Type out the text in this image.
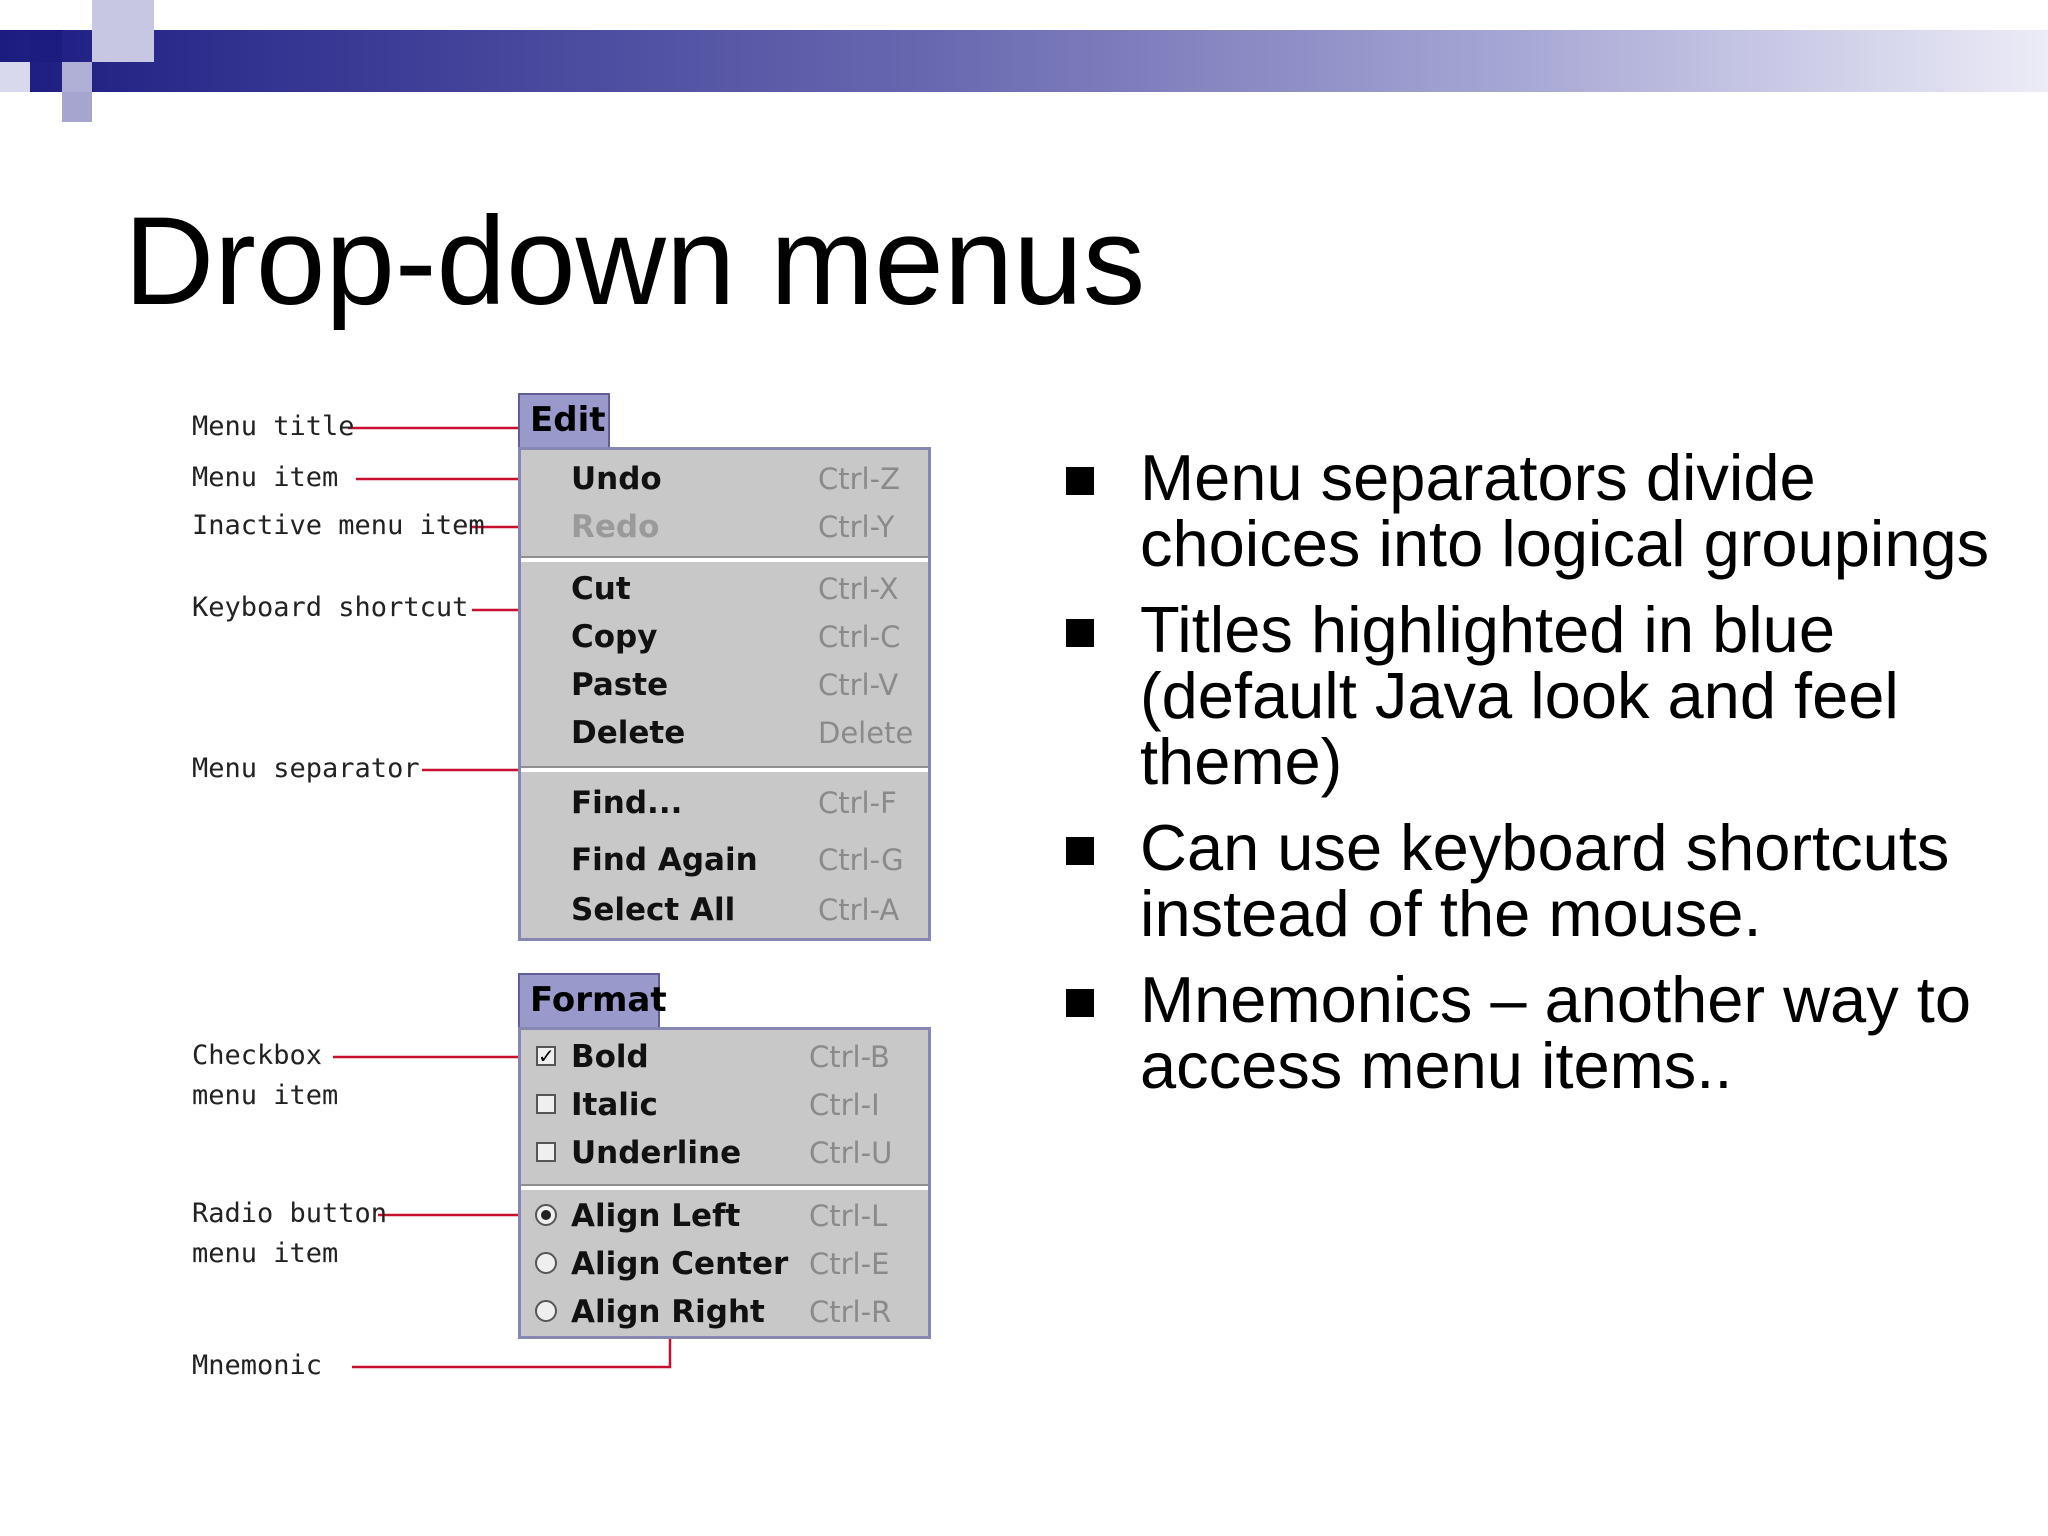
Drop-down menus
Menu title
Menu item
Inactive menu item
Keyboard shortcut
Menu separator
Checkbox
menu item
Radio button
menu item
Mnemonic
Edit
Undo	Ctrl-Z
Redo	Ctrl-Y
Cut	Ctrl-X
Copy	Ctrl-C
Paste	Ctrl-V
Delete	Delete
Find...	Ctrl-F
Find Again Ctrl-G
Select All	Ctrl-A
Format
✓ Bold	Ctrl-B
Italic	Ctrl-I
Underline Ctrl-U
Align Left Ctrl-L
Align Center Ctrl-E
Align Right Ctrl-R
Menu separators divide choices into logical groupings
Titles highlighted in blue (default Java look and feel theme)
Can use keyboard shortcuts instead of the mouse.
Mnemonics – another way to access menu items..
